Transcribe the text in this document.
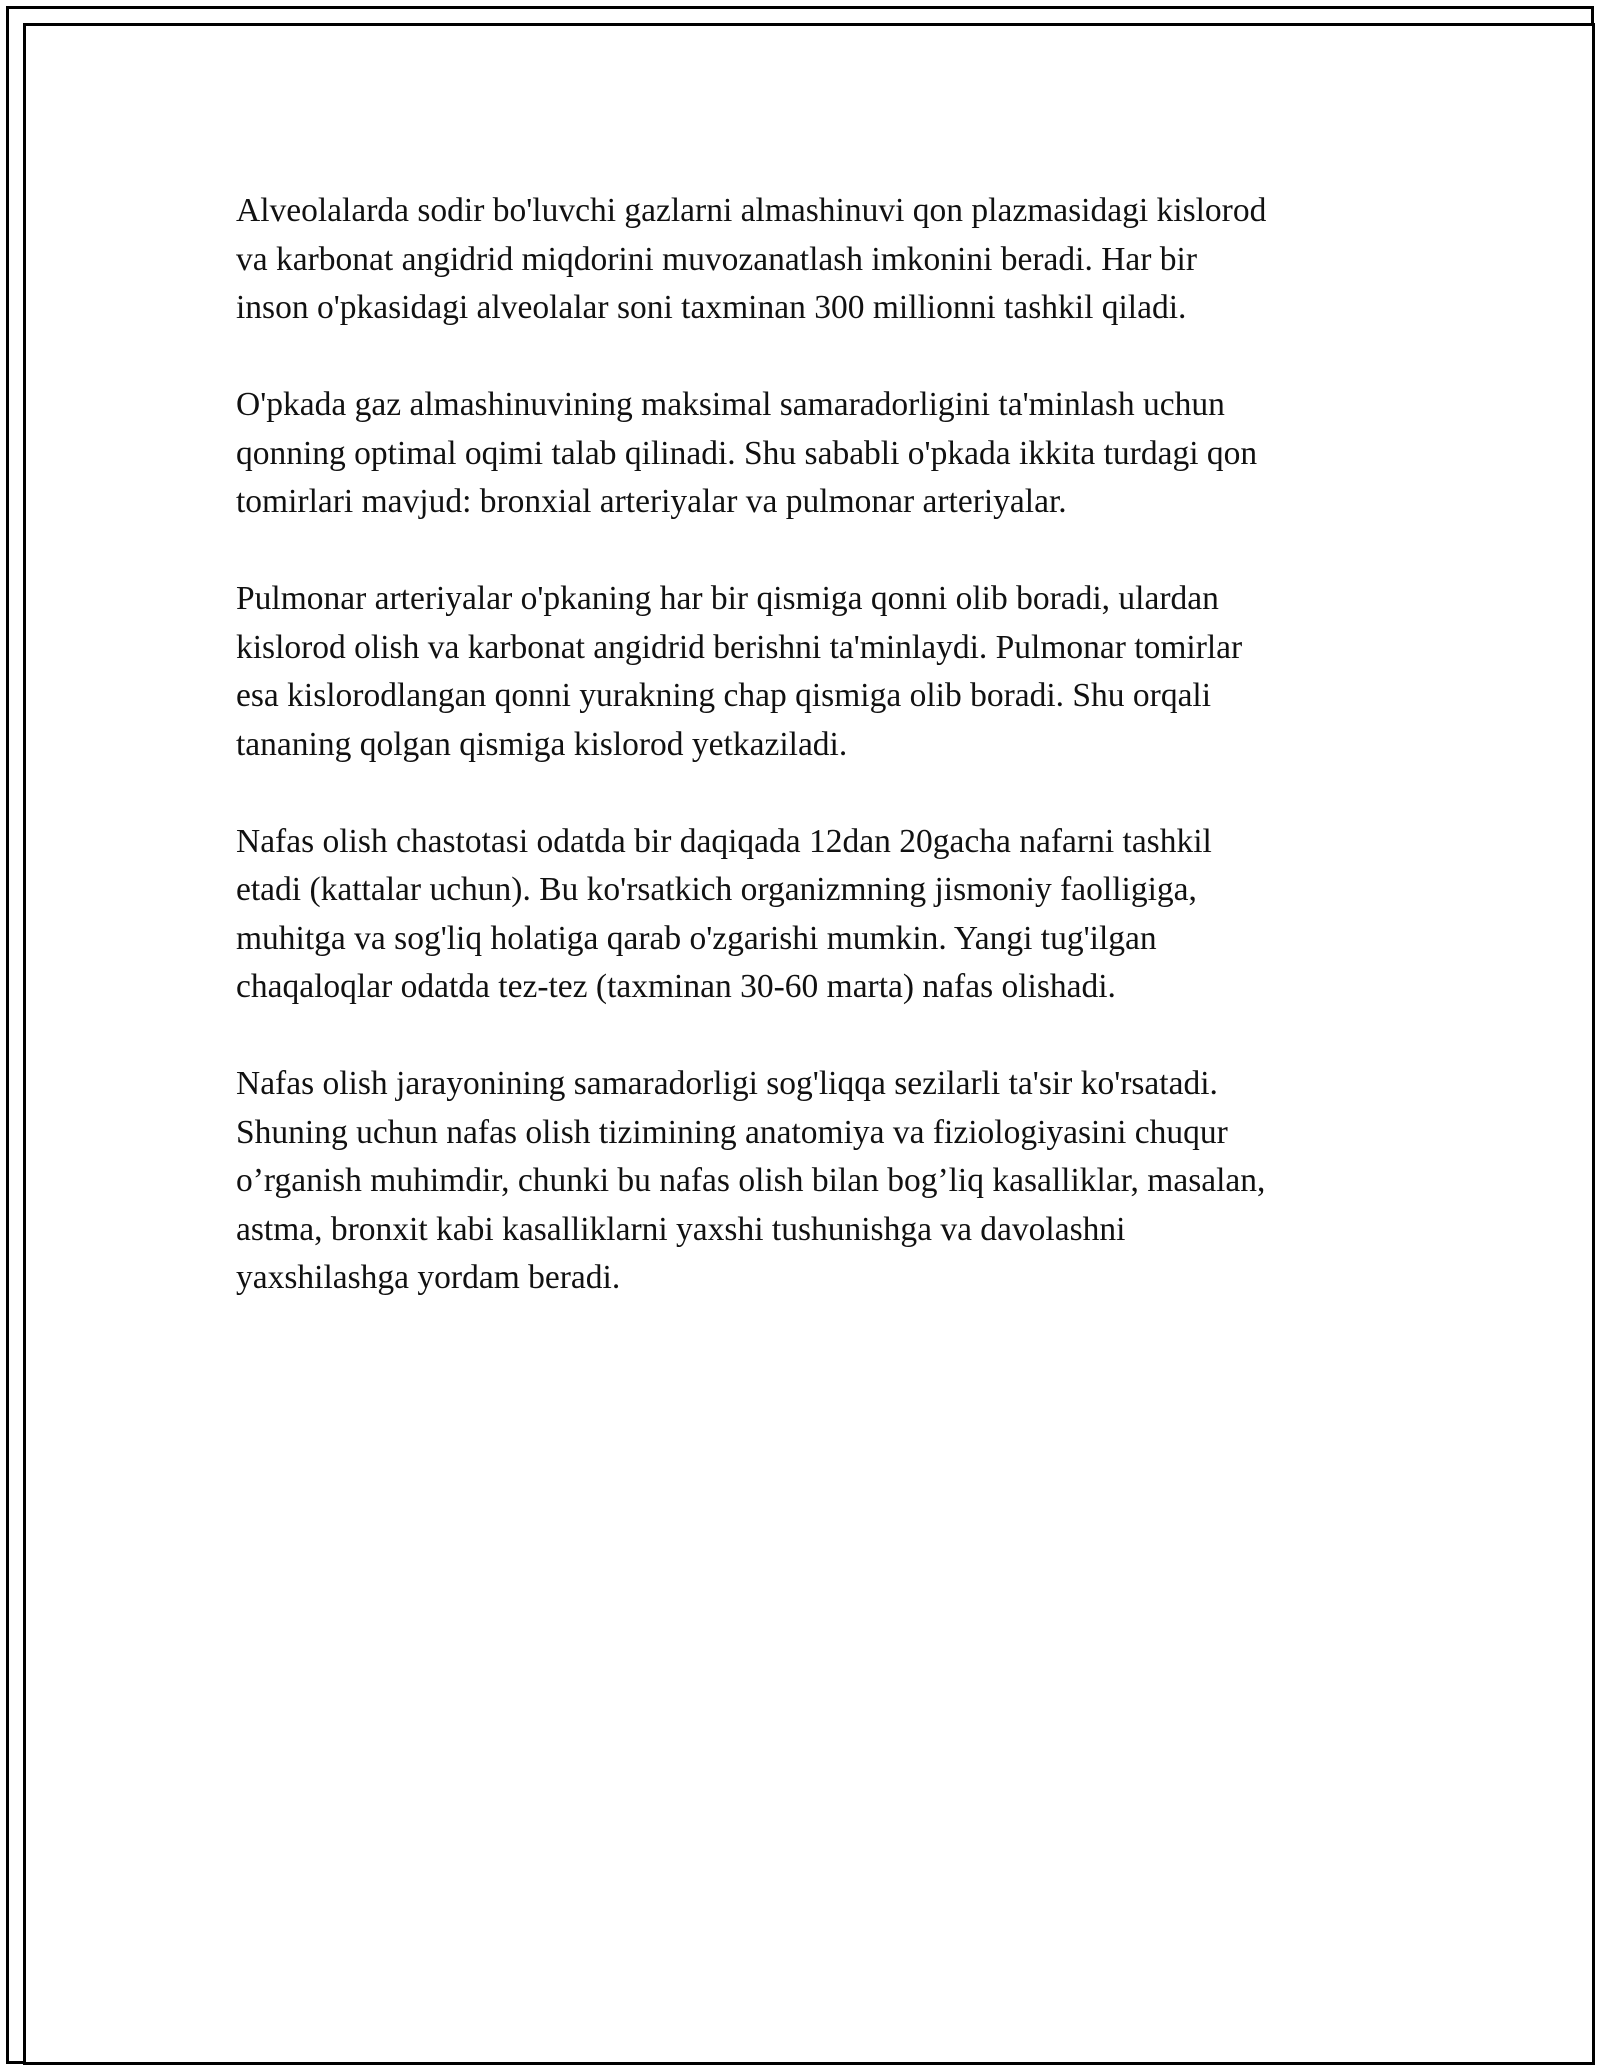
Alveolalarda sodir bo'luvchi gazlarni almashinuvi qon plazmasidagi kislorod
va karbonat angidrid miqdorini muvozanatlash imkonini beradi. Har bir
inson o'pkasidagi alveolalar soni taxminan 300 millionni tashkil qiladi.

O'pkada gaz almashinuvining maksimal samaradorligini ta'minlash uchun
qonning optimal oqimi talab qilinadi. Shu sababli o'pkada ikkita turdagi qon
tomirlari mavjud: bronxial arteriyalar va pulmonar arteriyalar.

Pulmonar arteriyalar o'pkaning har bir qismiga qonni olib boradi, ulardan
kislorod olish va karbonat angidrid berishni ta'minlaydi. Pulmonar tomirlar
esa kislorodlangan qonni yurakning chap qismiga olib boradi. Shu orqali
tananing qolgan qismiga kislorod yetkaziladi.

Nafas olish chastotasi odatda bir daqiqada 12dan 20gacha nafarni tashkil
etadi (kattalar uchun). Bu ko'rsatkich organizmning jismoniy faolligiga,
muhitga va sog'liq holatiga qarab o'zgarishi mumkin. Yangi tug'ilgan
chaqaloqlar odatda tez-tez (taxminan 30-60 marta) nafas olishadi.

Nafas olish jarayonining samaradorligi sog'liqqa sezilarli ta'sir ko'rsatadi.
Shuning uchun nafas olish tizimining anatomiya va fiziologiyasini chuqur
o’rganish muhimdir, chunki bu nafas olish bilan bog’liq kasalliklar, masalan,
astma, bronxit kabi kasalliklarni yaxshi tushunishga va davolashni
yaxshilashga yordam beradi.
